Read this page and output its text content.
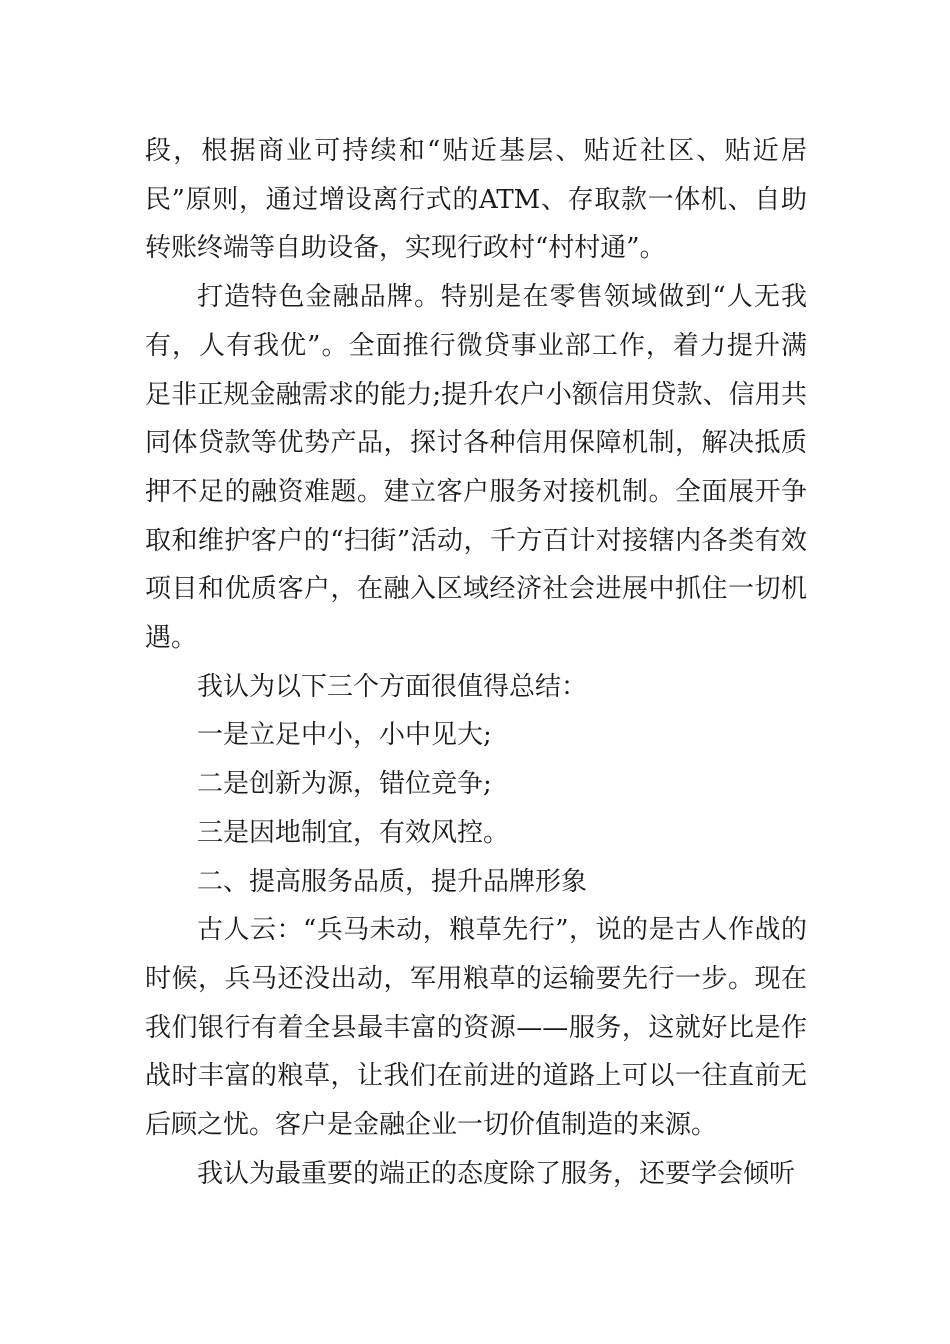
段，根据商业可持续和“贴近基层、贴近社区、贴近居民”原则，通过增设离行式的ATM、存取款一体机、自助转账终端等自助设备，实现行政村“村村通”。

打造特色金融品牌。特别是在零售领域做到“人无我有，人有我优”。全面推行微贷事业部工作，着力提升满足非正规金融需求的能力;提升农户小额信用贷款、信用共同体贷款等优势产品，探讨各种信用保障机制，解决抵质押不足的融资难题。建立客户服务对接机制。全面展开争取和维护客户的“扫街”活动，千方百计对接辖内各类有效项目和优质客户，在融入区域经济社会进展中抓住一切机遇。

我认为以下三个方面很值得总结：

一是立足中小，小中见大;

二是创新为源，错位竞争;

三是因地制宜，有效风控。

二、提高服务品质，提升品牌形象

古人云：“兵马未动，粮草先行”，说的是古人作战的时候，兵马还没出动，军用粮草的运输要先行一步。现在我们银行有着全县最丰富的资源——服务，这就好比是作战时丰富的粮草，让我们在前进的道路上可以一往直前无后顾之忧。客户是金融企业一切价值制造的来源。

我认为最重要的端正的态度除了服务，还要学会倾听
